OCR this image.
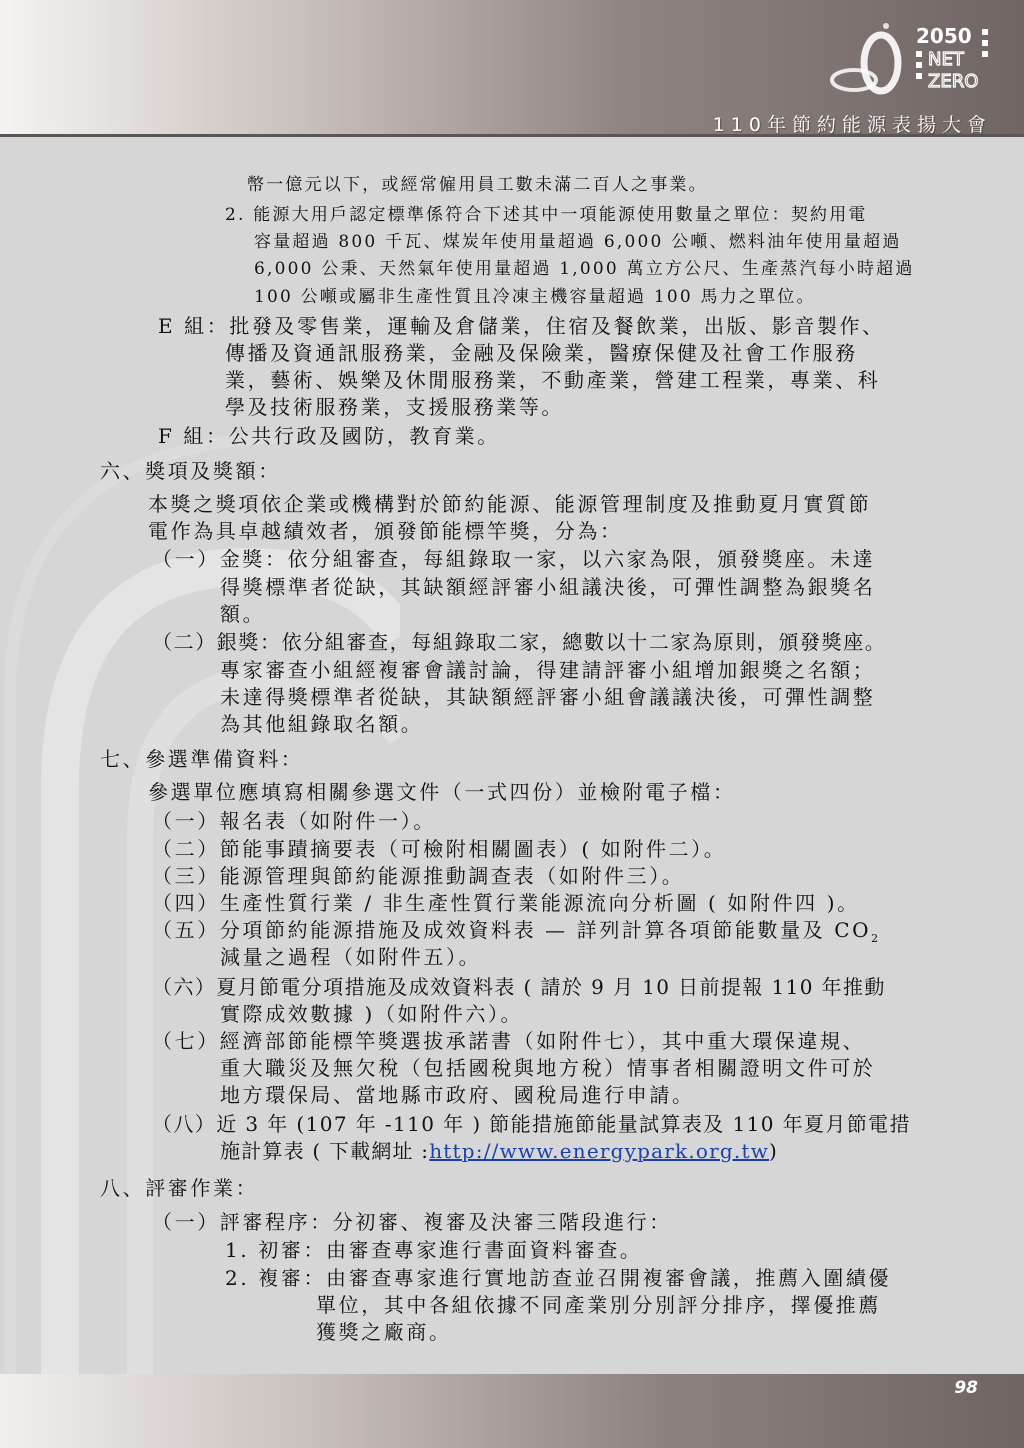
2050
NET
ZERO
110年節約能源表揚大會
幣一億元以下，或經常僱用員工數未滿二百人之事業。
2. 能源大用戶認定標準係符合下述其中一項能源使用數量之單位：契約用電
容量超過 800 千瓦、煤炭年使用量超過 6,000 公噸、燃料油年使用量超過
6,000 公秉、天然氣年使用量超過 1,000 萬立方公尺、生產蒸汽每小時超過
100 公噸或屬非生產性質且冷凍主機容量超過 100 馬力之單位。
E 組：批發及零售業，運輸及倉儲業，住宿及餐飲業，出版、影音製作、
傳播及資通訊服務業，金融及保險業，醫療保健及社會工作服務
業，藝術、娛樂及休閒服務業，不動產業，營建工程業，專業、科
學及技術服務業，支援服務業等。
F 組：公共行政及國防，教育業。
六、獎項及獎額：
本獎之獎項依企業或機構對於節約能源、能源管理制度及推動夏月實質節
電作為具卓越績效者，頒發節能標竿獎，分為：
（一）金獎：依分組審查，每組錄取一家，以六家為限，頒發獎座。未達
得獎標準者從缺，其缺額經評審小組議決後，可彈性調整為銀獎名
額。
（二）銀獎：依分組審查，每組錄取二家，總數以十二家為原則，頒發獎座。
專家審查小組經複審會議討論，得建請評審小組增加銀獎之名額；
未達得獎標準者從缺，其缺額經評審小組會議議決後，可彈性調整
為其他組錄取名額。
七、參選準備資料：
參選單位應填寫相關參選文件（一式四份）並檢附電子檔：
（一）報名表（如附件一）。
（二）節能事蹟摘要表（可檢附相關圖表）( 如附件二）。
（三）能源管理與節約能源推動調查表（如附件三）。
（四）生產性質行業 / 非生產性質行業能源流向分析圖 ( 如附件四 )。
（五）分項節約能源措施及成效資料表 — 詳列計算各項節能數量及 $CO_2$
減量之過程（如附件五）。
（六）夏月節電分項措施及成效資料表 ( 請於 9 月 10 日前提報 110 年推動
實際成效數據 )（如附件六）。
（七）經濟部節能標竿獎選拔承諾書（如附件七），其中重大環保違規、
重大職災及無欠稅（包括國稅與地方稅）情事者相關證明文件可於
地方環保局、當地縣市政府、國稅局進行申請。
（八）近 3 年 (107 年 -110 年 ) 節能措施節能量試算表及 110 年夏月節電措
施計算表 ( 下載網址 :http://www.energypark.org.tw)
八、評審作業：
（一）評審程序：分初審、複審及決審三階段進行：
1. 初審：由審查專家進行書面資料審查。
2. 複審：由審查專家進行實地訪查並召開複審會議，推薦入圍績優
單位，其中各組依據不同產業別分別評分排序，擇優推薦
獲獎之廠商。
98
